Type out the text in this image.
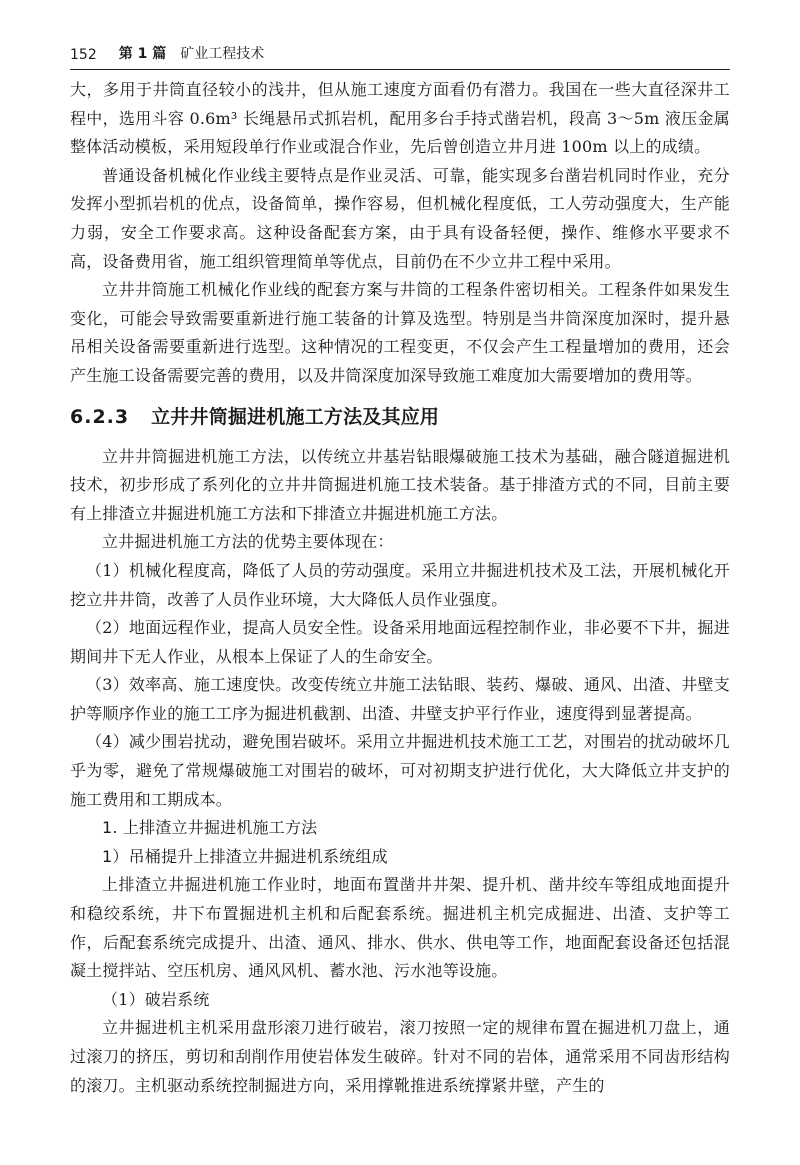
152 第 1 篇 矿业工程技术

大，多用于井筒直径较小的浅井，但从施工速度方面看仍有潜力。我国在一些大直径深井工程中，选用斗容 0.6m³ 长绳悬吊式抓岩机，配用多台手持式凿岩机，段高 3～5m 液压金属整体活动模板，采用短段单行作业或混合作业，先后曾创造立井月进 100m 以上的成绩。

普通设备机械化作业线主要特点是作业灵活、可靠，能实现多台凿岩机同时作业，充分发挥小型抓岩机的优点，设备简单，操作容易，但机械化程度低，工人劳动强度大，生产能力弱，安全工作要求高。这种设备配套方案，由于具有设备轻便，操作、维修水平要求不高，设备费用省，施工组织管理简单等优点，目前仍在不少立井工程中采用。

立井井筒施工机械化作业线的配套方案与井筒的工程条件密切相关。工程条件如果发生变化，可能会导致需要重新进行施工装备的计算及选型。特别是当井筒深度加深时，提升悬吊相关设备需要重新进行选型。这种情况的工程变更，不仅会产生工程量增加的费用，还会产生施工设备需要完善的费用，以及井筒深度加深导致施工难度加大需要增加的费用等。

6.2.3 立井井筒掘进机施工方法及其应用

立井井筒掘进机施工方法，以传统立井基岩钻眼爆破施工技术为基础，融合隧道掘进机技术，初步形成了系列化的立井井筒掘进机施工技术装备。基于排渣方式的不同，目前主要有上排渣立井掘进机施工方法和下排渣立井掘进机施工方法。

立井掘进机施工方法的优势主要体现在：

（1）机械化程度高，降低了人员的劳动强度。采用立井掘进机技术及工法，开展机械化开挖立井井筒，改善了人员作业环境，大大降低人员作业强度。

（2）地面远程作业，提高人员安全性。设备采用地面远程控制作业，非必要不下井，掘进期间井下无人作业，从根本上保证了人的生命安全。

（3）效率高、施工速度快。改变传统立井施工法钻眼、装药、爆破、通风、出渣、井壁支护等顺序作业的施工工序为掘进机截割、出渣、井壁支护平行作业，速度得到显著提高。

（4）减少围岩扰动，避免围岩破坏。采用立井掘进机技术施工工艺，对围岩的扰动破坏几乎为零，避免了常规爆破施工对围岩的破坏，可对初期支护进行优化，大大降低立井支护的施工费用和工期成本。

1. 上排渣立井掘进机施工方法
1）吊桶提升上排渣立井掘进机系统组成

上排渣立井掘进机施工作业时，地面布置凿井井架、提升机、凿井绞车等组成地面提升和稳绞系统，井下布置掘进机主机和后配套系统。掘进机主机完成掘进、出渣、支护等工作，后配套系统完成提升、出渣、通风、排水、供水、供电等工作，地面配套设备还包括混凝土搅拌站、空压机房、通风风机、蓄水池、污水池等设施。

（1）破岩系统

立井掘进机主机采用盘形滚刀进行破岩，滚刀按照一定的规律布置在掘进机刀盘上，通过滚刀的挤压，剪切和刮削作用使岩体发生破碎。针对不同的岩体，通常采用不同齿形结构的滚刀。主机驱动系统控制掘进方向，采用撑靴推进系统撑紧井壁，产生的
